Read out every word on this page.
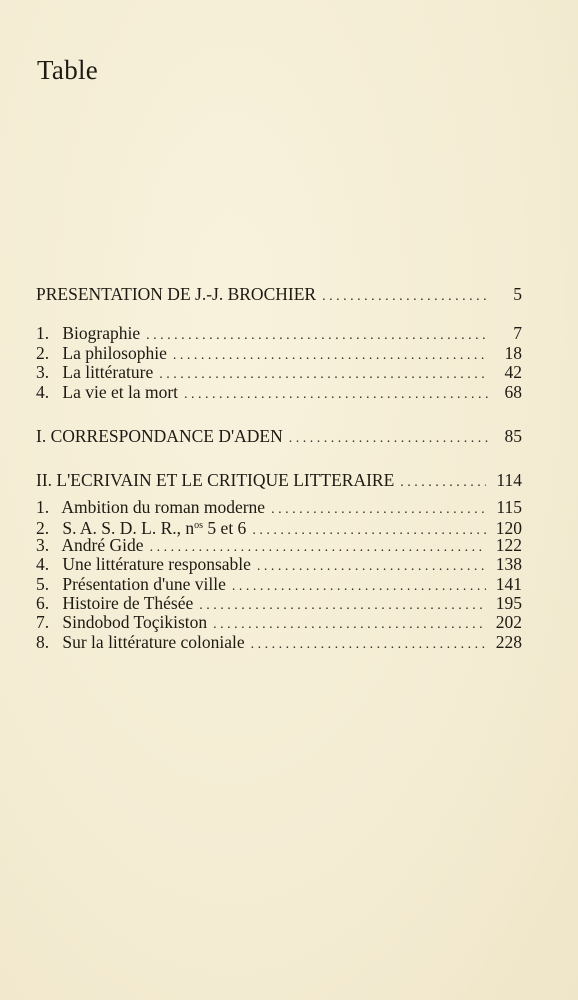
Table
PRESENTATION DE J.-J. BROCHIER . . .	5
1. Biographie . . .	7
2. La philosophie . . .	18
3. La littérature . . .	42
4. La vie et la mort . . .	68
I. CORRESPONDANCE D'ADEN . . .	85
II. L'ECRIVAIN ET LE CRITIQUE LITTERAIRE . . .	114
1. Ambition du roman moderne . . .	115
2. S. A. S. D. L. R., $n^{os}$ 5 et 6 . . .	120
3. André Gide . . .	122
4. Une littérature responsable . . .	138
5. Présentation d'une ville . . .	141
6. Histoire de Thésée . . .	195
7. Sindobod Toçikiston . . .	202
8. Sur la littérature coloniale . . .	228
